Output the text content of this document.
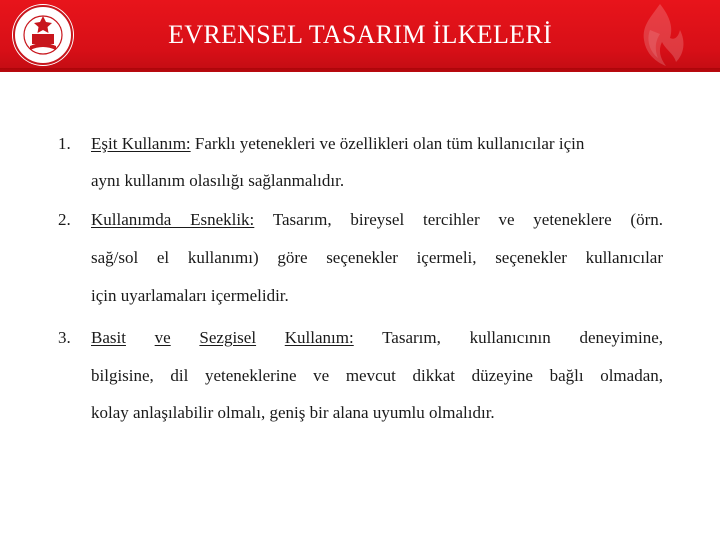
EVRENSEL TASARIM İLKELERİ
1. Eşit Kullanım: Farklı yetenekleri ve özellikleri olan tüm kullanıcılar için
aynı kullanım olasılığı sağlanmalıdır.
2. Kullanımda Esneklik: Tasarım, bireysel tercihler ve yeteneklere (örn.
sağ/sol el kullanımı) göre seçenekler içermeli, seçenekler kullanıcılar
için uyarlamaları içermelidir.
3. Basit ve Sezgisel Kullanım: Tasarım, kullanıcının deneyimine,
bilgisine, dil yeteneklerine ve mevcut dikkat düzeyine bağlı olmadan,
kolay anlaşılabilir olmalı, geniş bir alana uyumlu olmalıdır.
